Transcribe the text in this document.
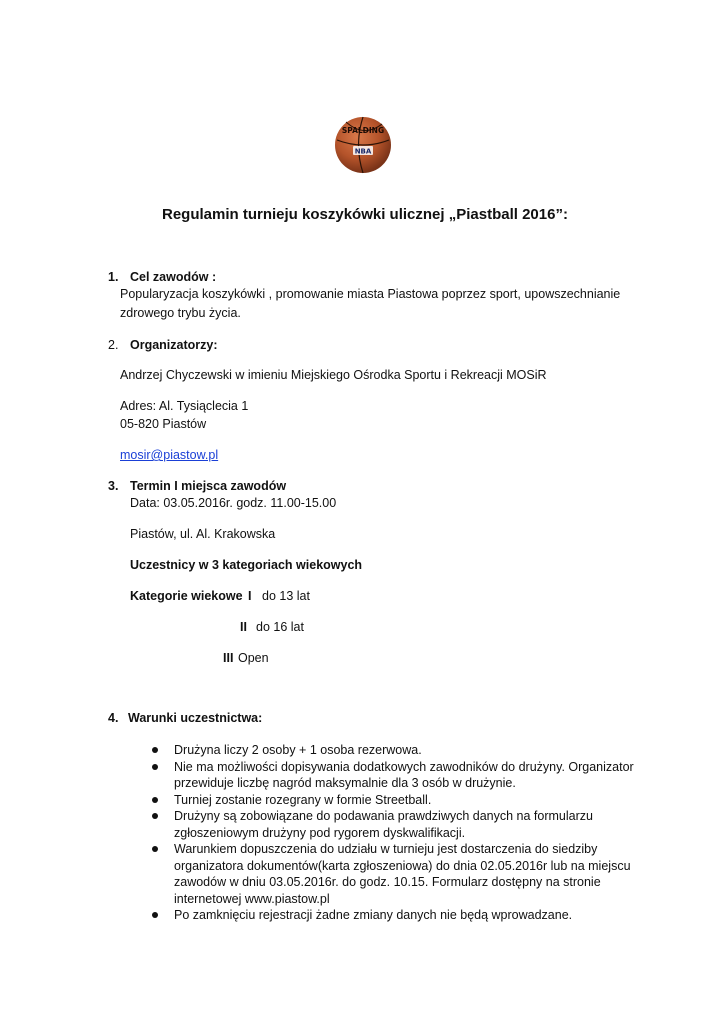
SPALDING
NBA
Regulamin turnieju koszykówki ulicznej „Piastball 2016”:
1. Cel zawodów :
Popularyzacja koszykówki , promowanie miasta Piastowa poprzez sport, upowszechnianie
zdrowego trybu życia.
2. Organizatorzy:
Andrzej Chyczewski w imieniu Miejskiego Ośrodka Sportu i Rekreacji MOSiR
Adres: Al. Tysiąclecia 1
05-820 Piastów
mosir@piastow.pl
3. Termin I miejsca zawodów
Data: 03.05.2016r. godz. 11.00-15.00
Piastów, ul. Al. Krakowska
Uczestnicy w 3 kategoriach wiekowych
Kategorie wiekowe I do 13 lat
II do 16 lat
III Open
4. Warunki uczestnictwa:
Drużyna liczy 2 osoby + 1 osoba rezerwowa.
Nie ma możliwości dopisywania dodatkowych zawodników do drużyny. Organizator
przewiduje liczbę nagród maksymalnie dla 3 osób w drużynie.
Turniej zostanie rozegrany w formie Streetball.
Drużyny są zobowiązane do podawania prawdziwych danych na formularzu
zgłoszeniowym drużyny pod rygorem dyskwalifikacji.
Warunkiem dopuszczenia do udziału w turnieju jest dostarczenia do siedziby
organizatora dokumentów(karta zgłoszeniowa) do dnia 02.05.2016r lub na miejscu
zawodów w dniu 03.05.2016r. do godz. 10.15. Formularz dostępny na stronie
internetowej www.piastow.pl
Po zamknięciu rejestracji żadne zmiany danych nie będą wprowadzane.
